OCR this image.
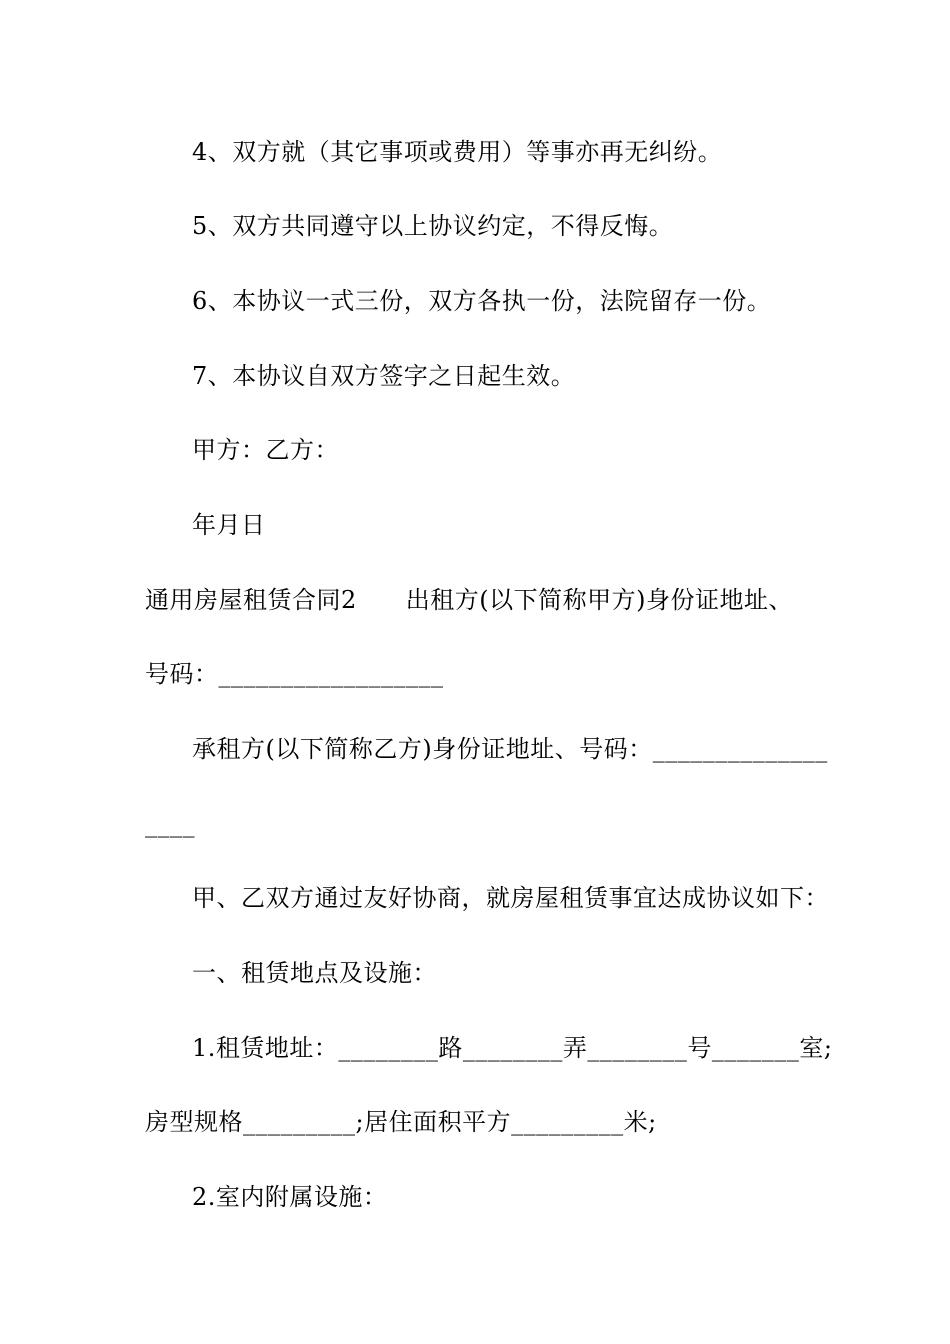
4、双方就（其它事项或费用）等事亦再无纠纷。
5、双方共同遵守以上协议约定，不得反悔。
6、本协议一式三份，双方各执一份，法院留存一份。
7、本协议自双方签字之日起生效。
甲方：乙方：
年月日
通用房屋租赁合同2　　出租方(以下简称甲方)身份证地址、
号码：__________________
承租方(以下简称乙方)身份证地址、号码：______________
____
甲、乙双方通过友好协商，就房屋租赁事宜达成协议如下：
一、租赁地点及设施：
1.租赁地址：________路________弄________号_______室;
房型规格_________;居住面积平方_________米;
2.室内附属设施：
